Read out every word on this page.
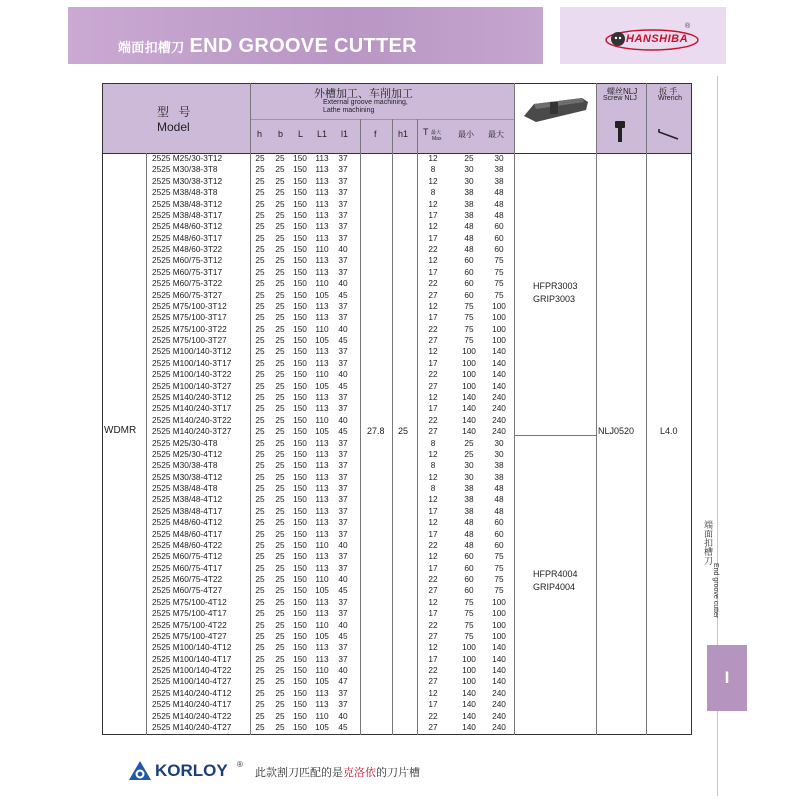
端面扣槽刀 END GROOVE CUTTER	HANSHIBA
®
端面扣槽刀
End groove cutter
I
型 号
Model
外槽加工、车削加工
External groove machining,
Lathe machining
h b L L1 l1	f h1 T 最大
Max 最小 最大
螺丝NLJ
Screw NLJ
扳 手
Wrench
WDMR	27.8 25	NLJ0520	L4.0
HFPR3003
GRIP3003
HFPR4004
GRIP4004
2525 M25/30-3T12	25	25	150	113	37	12	25	30
2525 M30/38-3T8	25	25	150	113	37	8	30	38
2525 M30/38-3T12	25	25	150	113	37	12	30	38
2525 M38/48-3T8	25	25	150	113	37	8	38	48
2525 M38/48-3T12	25	25	150	113	37	12	38	48
2525 M38/48-3T17	25	25	150	113	37	17	38	48
2525 M48/60-3T12	25	25	150	113	37	12	48	60
2525 M48/60-3T17	25	25	150	113	37	17	48	60
2525 M48/60-3T22	25	25	150	110	40	22	48	60
2525 M60/75-3T12	25	25	150	113	37	12	60	75
2525 M60/75-3T17	25	25	150	113	37	17	60	75
2525 M60/75-3T22	25	25	150	110	40	22	60	75
2525 M60/75-3T27	25	25	150 105	45	27	60	75
2525 M75/100-3T12	25	25	150	113	37	12	75	100
2525 M75/100-3T17	25	25	150	113	37	17	75	100
2525 M75/100-3T22	25	25	150	110	40	22	75	100
2525 M75/100-3T27	25	25	150 105	45	27	75	100
2525 M100/140-3T12	25	25	150	113	37	12	100	140
2525 M100/140-3T17	25	25	150	113	37	17	100	140
2525 M100/140-3T22	25	25	150	110	40	22	100	140
2525 M100/140-3T27	25	25	150 105	45	27	100	140
2525 M140/240-3T12	25	25	150	113	37	12	140	240
2525 M140/240-3T17	25	25	150	113	37	17	140	240
2525 M140/240-3T22	25	25	150	110	40	22	140	240
2525 M140/240-3T27	25	25	150 105	45	27	140	240
2525 M25/30-4T8	25	25	150	113	37	8	25	30
2525 M25/30-4T12	25	25	150	113	37	12	25	30
2525 M30/38-4T8	25	25	150	113	37	8	30	38
2525 M30/38-4T12	25	25	150	113	37	12	30	38
2525 M38/48-4T8	25	25	150	113	37	8	38	48
2525 M38/48-4T12	25	25	150	113	37	12	38	48
2525 M38/48-4T17	25	25	150	113	37	17	38	48
2525 M48/60-4T12	25	25	150	113	37	12	48	60
2525 M48/60-4T17	25	25	150	113	37	17	48	60
2525 M48/60-4T22	25	25	150	110	40	22	48	60
2525 M60/75-4T12	25	25	150	113	37	12	60	75
2525 M60/75-4T17	25	25	150	113	37	17	60	75
2525 M60/75-4T22	25	25	150	110	40	22	60	75
2525 M60/75-4T27	25	25	150 105	45	27	60	75
2525 M75/100-4T12	25	25	150	113	37	12	75	100
2525 M75/100-4T17	25	25	150	113	37	17	75	100
2525 M75/100-4T22	25	25	150	110	40	22	75	100
2525 M75/100-4T27	25	25	150 105	45	27	75	100
2525 M100/140-4T12	25	25	150	113	37	12	100	140
2525 M100/140-4T17	25	25	150	113	37	17	100	140
2525 M100/140-4T22	25	25	150	110	40	22	100	140
2525 M100/140-4T27	25	25	150 105	47	27	100	140
2525 M140/240-4T12	25	25	150	113	37	12	140	240
2525 M140/240-4T17	25	25	150	113	37	17	140	240
2525 M140/240-4T22	25	25	150	110	40	22	140	240
2525 M140/240-4T27	25	25	150 105	45	27	140	240
KORLOY ®
此款割刀匹配的是克洛依的刀片槽
